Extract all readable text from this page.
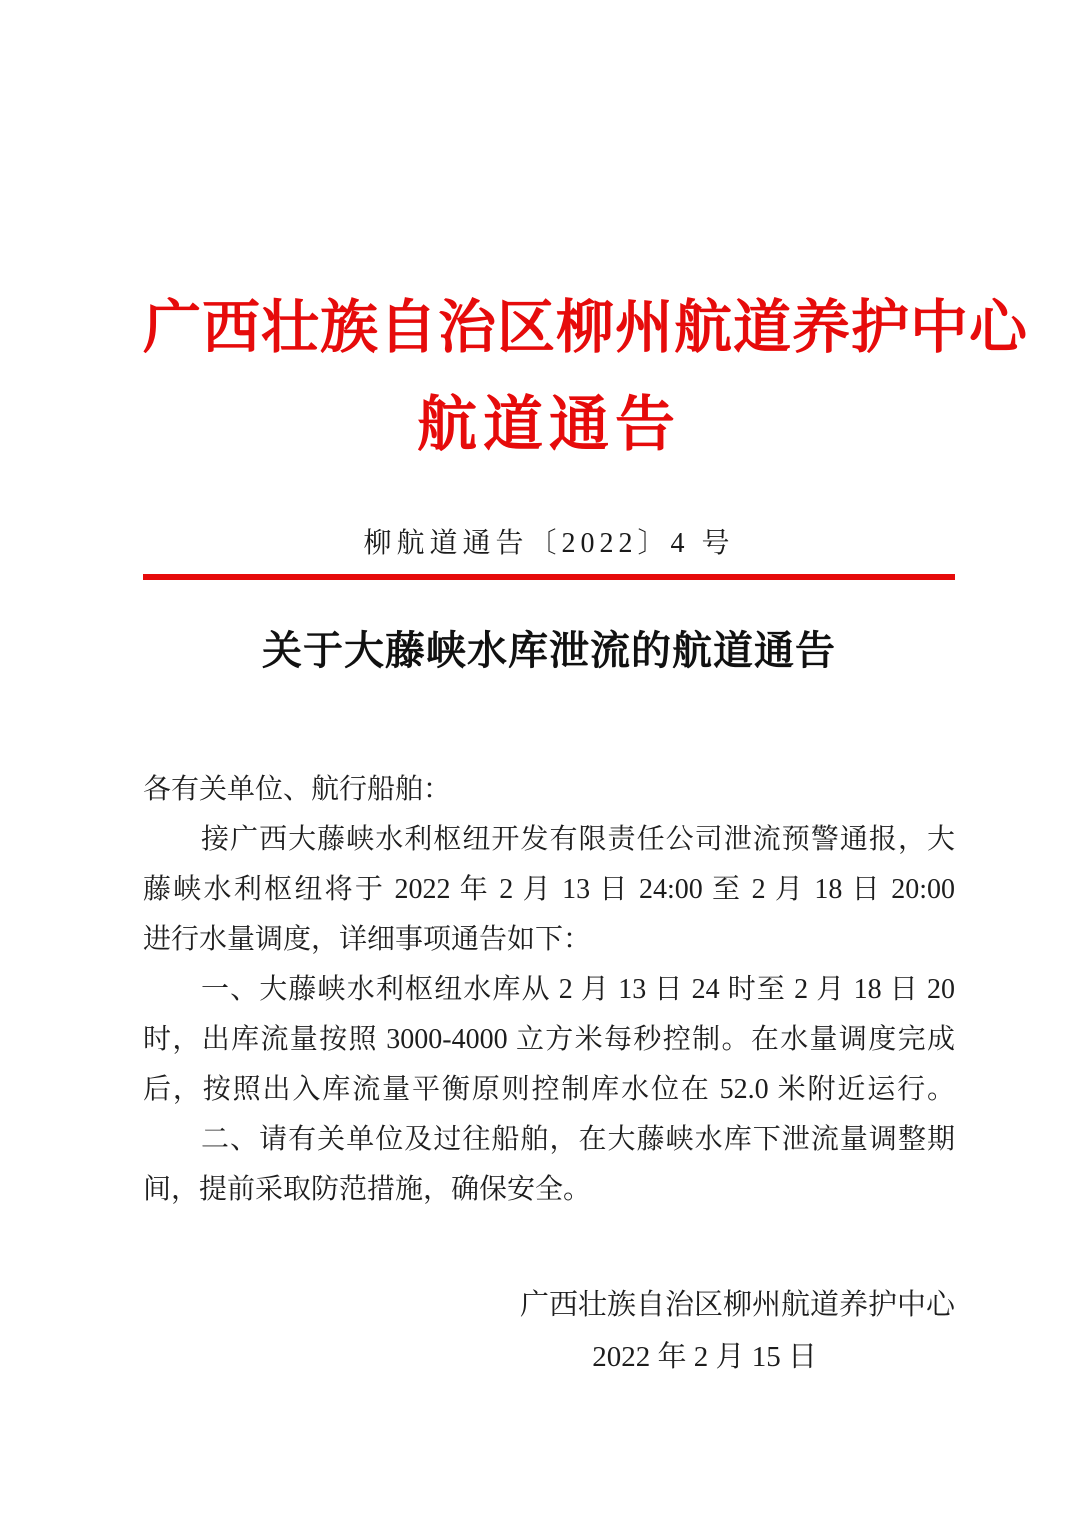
广西壮族自治区柳州航道养护中心
航道通告
柳航道通告〔2022〕4 号
关于大藤峡水库泄流的航道通告
各有关单位、航行船舶：
接广西大藤峡水利枢纽开发有限责任公司泄流预警通报，大
藤峡水利枢纽将于 2022 年 2 月 13 日 24:00 至 2 月 18 日 20:00
进行水量调度，详细事项通告如下：
一、大藤峡水利枢纽水库从 2 月 13 日 24 时至 2 月 18 日 20
时，出库流量按照 3000-4000 立方米每秒控制。在水量调度完成
后，按照出入库流量平衡原则控制库水位在 52.0 米附近运行。
二、请有关单位及过往船舶，在大藤峡水库下泄流量调整期
间，提前采取防范措施，确保安全。
广西壮族自治区柳州航道养护中心
2022 年 2 月 15 日
